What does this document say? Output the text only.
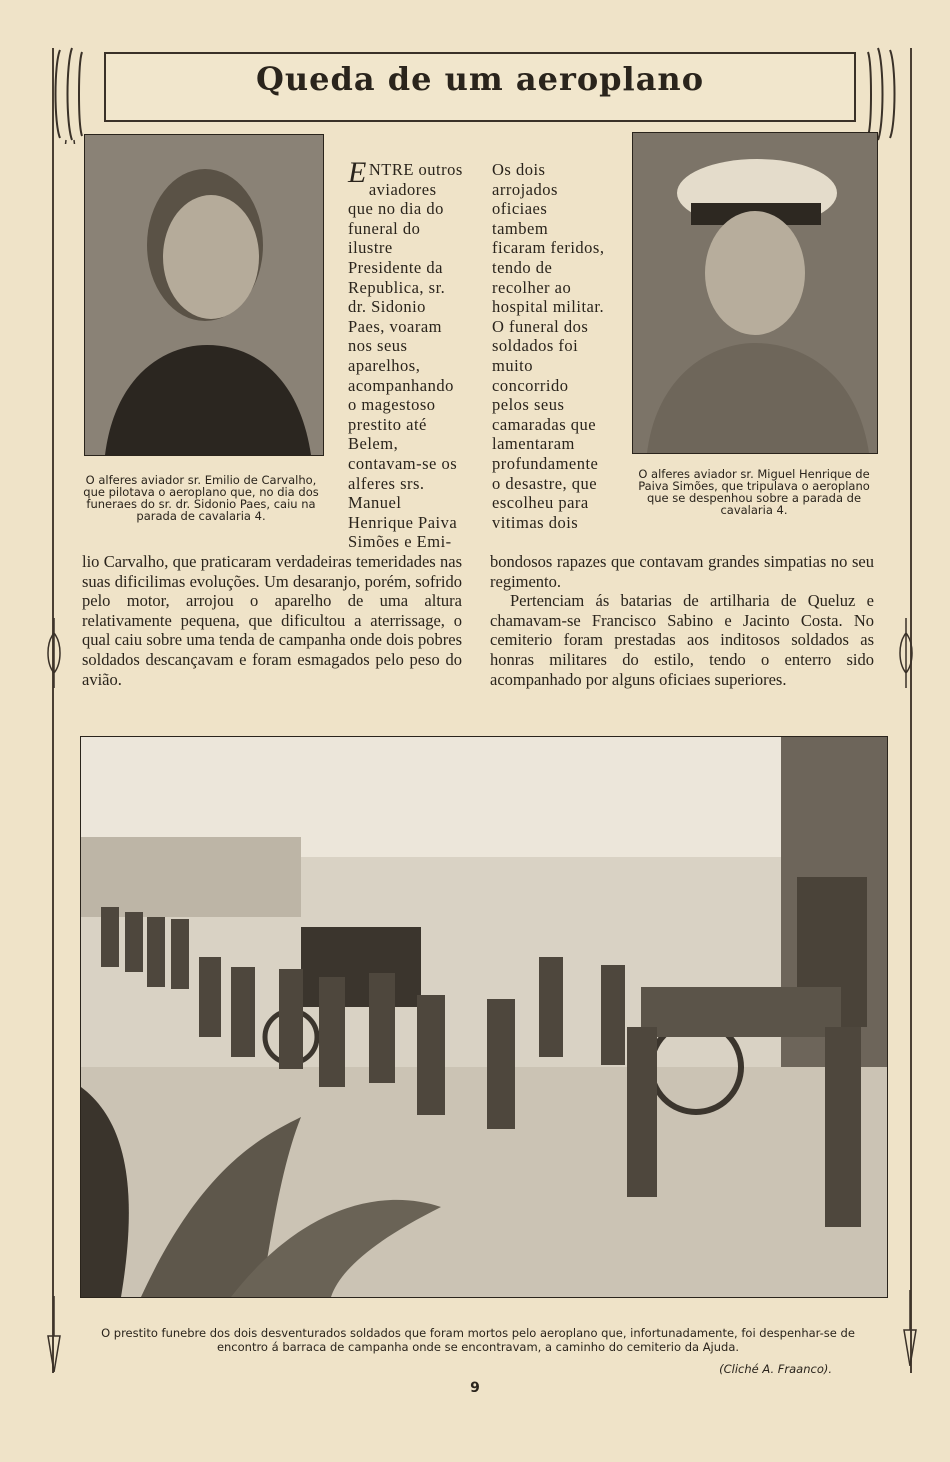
Queda de um aeroplano

O alferes aviador sr. Emilio de Carvalho, que pilotava o aeroplano que, no dia dos funeraes do sr. dr. Sidonio Paes, caiu na parada de cavalaria 4.

O alferes aviador sr. Miguel Henrique de Paiva Simões, que tripulava o aeroplano que se despenhou sobre a parada de cavalaria 4.

ENTRE outros aviadores que no dia do funeral do ilustre Presidente da Republica, sr. dr. Sidonio Paes, voaram nos seus aparelhos, acompanhando o magestoso prestito até Belem, contavam-se os alferes srs. Manuel Henrique Paiva Simões e Emi-

Os dois arrojados oficiaes tambem ficaram feridos, tendo de recolher ao hospital militar. O funeral dos soldados foi muito concorrido pelos seus camaradas que lamentaram profundamente o desastre, que escolheu para vitimas dois

lio Carvalho, que praticaram verdadeiras temeridades nas suas dificilimas evoluções. Um desaranjo, porém, sofrido pelo motor, arrojou o aparelho de uma altura relativamente pequena, que dificultou a aterrissage, o qual caiu sobre uma tenda de campanha onde dois pobres soldados descançavam e foram esmagados pelo peso do avião.

bondosos rapazes que contavam grandes simpatias no seu regimento.

Pertenciam ás batarias de artilharia de Queluz e chamavam-se Francisco Sabino e Jacinto Costa. No cemiterio foram prestadas aos inditosos soldados as honras militares do estilo, tendo o enterro sido acompanhado por alguns oficiaes superiores.

O prestito funebre dos dois desventurados soldados que foram mortos pelo aeroplano que, infortunadamente, foi despenhar-se de encontro á barraca de campanha onde se encontravam, a caminho do cemiterio da Ajuda.

(Cliché A. Fraanco).
9
